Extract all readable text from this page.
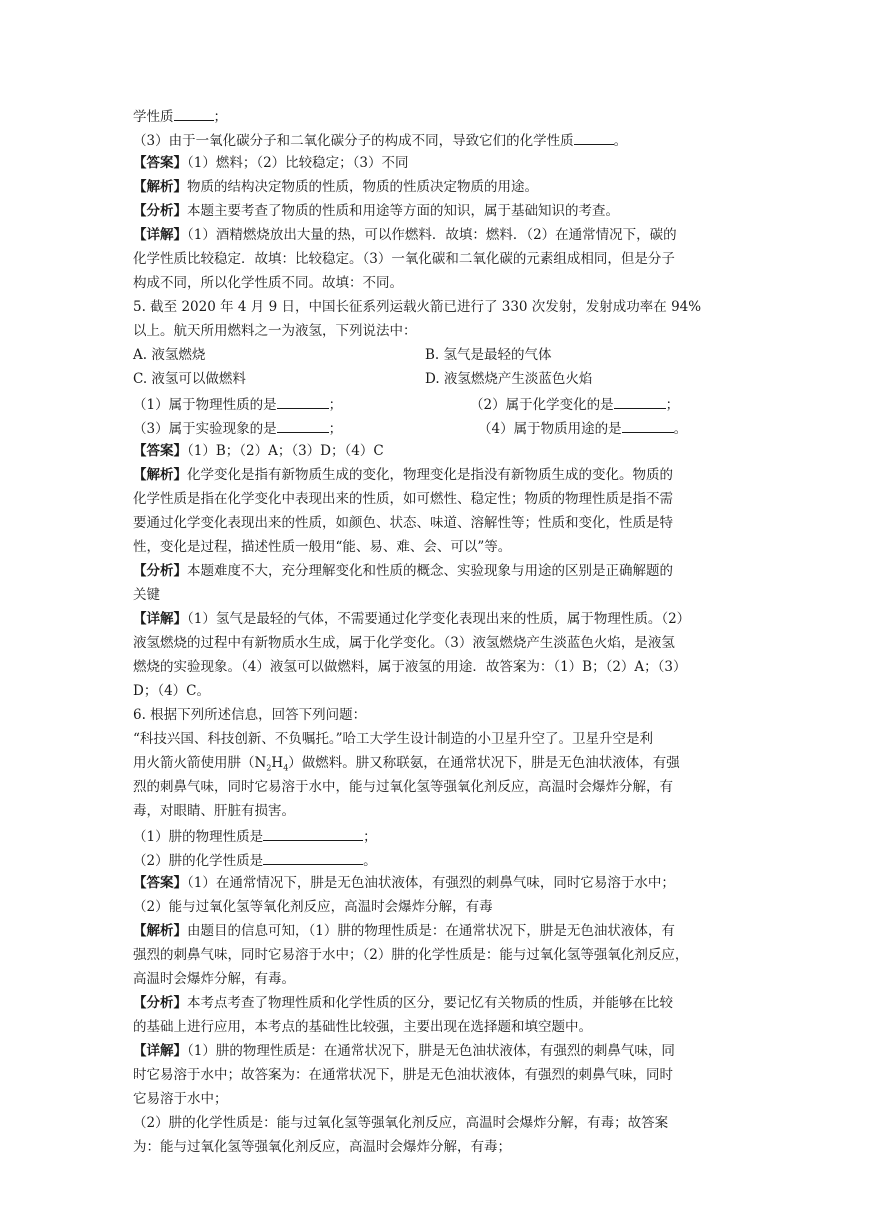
学性质	；
（3）由于一氧化碳分子和二氧化碳分子的构成不同，导致它们的化学性质	。
【答案】（1）燃料；（2）比较稳定；（3）不同
【解析】物质的结构决定物质的性质，物质的性质决定物质的用途。
【分析】本题主要考查了物质的性质和用途等方面的知识，属于基础知识的考查。
【详解】（1）酒精燃烧放出大量的热，可以作燃料．故填：燃料．（2）在通常情况下，碳的
化学性质比较稳定．故填：比较稳定。（3）一氧化碳和二氧化碳的元素组成相同，但是分子
构成不同，所以化学性质不同。故填：不同。
5. 截至 2020 年 4 月 9 日，中国长征系列运载火箭已进行了 330 次发射，发射成功率在 94%
以上。航天所用燃料之一为液氢，下列说法中：
A. 液氢燃烧	B. 氢气是最轻的气体
C. 液氢可以做燃料	D. 液氢燃烧产生淡蓝色火焰
（1）属于物理性质的是	；	（2）属于化学变化的是	；
（3）属于实验现象的是	；	（4）属于物质用途的是	。
【答案】（1）B；（2）A；（3）D；（4）C
【解析】化学变化是指有新物质生成的变化，物理变化是指没有新物质生成的变化。物质的
化学性质是指在化学变化中表现出来的性质，如可燃性、稳定性；物质的物理性质是指不需
要通过化学变化表现出来的性质，如颜色、状态、味道、溶解性等；性质和变化，性质是特
性，变化是过程，描述性质一般用“能、易、难、会、可以”等。
【分析】本题难度不大，充分理解变化和性质的概念、实验现象与用途的区别是正确解题的
关键
【详解】（1）氢气是最轻的气体，不需要通过化学变化表现出来的性质，属于物理性质。（2）
液氢燃烧的过程中有新物质水生成，属于化学变化。（3）液氢燃烧产生淡蓝色火焰，是液氢
燃烧的实验现象。（4）液氢可以做燃料，属于液氢的用途．故答案为：（1）B；（2）A；（3）
D；（4）C。
6. 根据下列所述信息，回答下列问题：
“科技兴国、科技创新、不负嘱托。”哈工大学生设计制造的小卫星升空了。卫星升空是利
用火箭火箭使用肼$(N_2H_4)$做燃料。肼又称联氨，在通常状况下，肼是无色油状液体，有强
烈的刺鼻气味，同时它易溶于水中，能与过氧化氢等强氧化剂反应，高温时会爆炸分解，有
毒，对眼睛、肝脏有损害。
（1）肼的物理性质是	；
（2）肼的化学性质是	。
【答案】（1）在通常情况下，肼是无色油状液体，有强烈的刺鼻气味，同时它易溶于水中；
（2）能与过氧化氢等氧化剂反应，高温时会爆炸分解，有毒
【解析】由题目的信息可知，（1）肼的物理性质是：在通常状况下，肼是无色油状液体，有
强烈的刺鼻气味，同时它易溶于水中；（2）肼的化学性质是：能与过氧化氢等强氧化剂反应，
高温时会爆炸分解，有毒。
【分析】本考点考查了物理性质和化学性质的区分，要记忆有关物质的性质，并能够在比较
的基础上进行应用，本考点的基础性比较强，主要出现在选择题和填空题中。
【详解】（1）肼的物理性质是：在通常状况下，肼是无色油状液体，有强烈的刺鼻气味，同
时它易溶于水中；故答案为：在通常状况下，肼是无色油状液体，有强烈的刺鼻气味，同时
它易溶于水中；
（2）肼的化学性质是：能与过氧化氢等强氧化剂反应，高温时会爆炸分解，有毒；故答案
为：能与过氧化氢等强氧化剂反应，高温时会爆炸分解，有毒；
